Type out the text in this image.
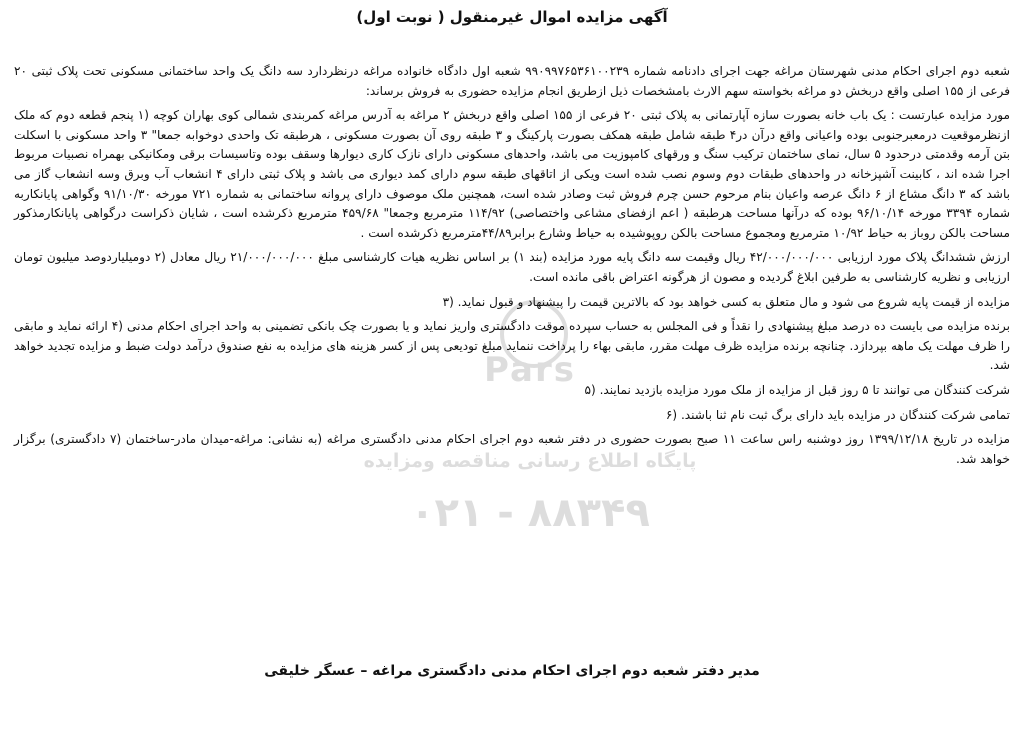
Pars
پایگاه اطلاع رسانی مناقصه ومزایده
۰۲۱ - ۸۸۳۴۹
آگهی مزایده اموال غیرمنقول ( نوبت اول)

شعبه دوم اجرای احکام مدنی شهرستان مراغه جهت اجرای دادنامه شماره ۹۹۰۹۹۷۶۵۳۶۱۰۰۲۳۹ شعبه اول دادگاه خانواده مراغه درنظردارد سه دانگ یک واحد ساختمانی مسکونی تحت پلاک ثبتی ۲۰ فرعی از ۱۵۵ اصلی واقع دربخش دو مراغه بخواسته سهم الارث بامشخصات ذیل ازطریق انجام مزایده حضوری به فروش برساند:

مورد مزایده عبارتست : یک باب خانه بصورت سازه آپارتمانی به پلاک ثبتی ۲۰ فرعی از ۱۵۵ اصلی واقع دربخش ۲ مراغه به آدرس مراغه کمربندی شمالی کوی بهاران کوچه (۱ پنجم قطعه دوم که ملک ازنظرموقعیت درمعبرجنوبی بوده واعیانی واقع درآن در۴ طبقه شامل طبقه همکف بصورت پارکینگ و ۳ طبقه روی آن بصورت مسکونی ، هرطبقه تک واحدی دوخوابه جمعا" ۳ واحد مسکونی با اسکلت بتن آرمه وقدمتی درحدود ۵ سال، نمای ساختمان ترکیب سنگ و ورقهای کامپوزیت می باشد، واحدهای مسکونی دارای نازک کاری دیوارها وسقف بوده وتاسیسات برقی ومکانیکی بهمراه نصبیات مربوط اجرا شده اند ، کابینت آشپزخانه در واحدهای طبقات دوم وسوم نصب شده است ویکی از اتاقهای طبقه سوم دارای کمد دیواری می باشد و پلاک ثبتی دارای ۴ انشعاب آب وبرق وسه انشعاب گاز می باشد که ۳ دانگ مشاع از ۶ دانگ عرصه واعیان بنام مرحوم حسن چرم فروش ثبت وصادر شده است، همچنین ملک موصوف دارای پروانه ساختمانی به شماره ۷۲۱ مورخه ۹۱/۱۰/۳۰ وگواهی پایانکاربه شماره ۳۳۹۴ مورخه ۹۶/۱۰/۱۴ بوده که درآنها مساحت هرطبقه ( اعم ازفضای مشاعی واختصاصی) ۱۱۴/۹۲ مترمربع وجمعا" ۴۵۹/۶۸ مترمربع ذکرشده است ، شایان ذکراست درگواهی پایانکارمذکور مساحت بالکن روباز به حیاط ۱۰/۹۲ مترمربع ومجموع مساحت بالکن روپوشیده به حیاط وشارع برابر۴۴/۸۹مترمربع ذکرشده است .

ارزش ششدانگ پلاک مورد ارزیابی ۴۲/۰۰۰/۰۰۰/۰۰۰ ریال وقیمت سه دانگ پایه مورد مزایده (بند ۱) بر اساس نظریه هیات کارشناسی مبلغ ۲۱/۰۰۰/۰۰۰/۰۰۰ ریال معادل (۲ دومیلیاردوصد میلیون تومان ارزیابی و نظریه کارشناسی به طرفین ابلاغ گردیده و مصون از هرگونه اعتراض باقی مانده است.

مزایده از قیمت پایه شروع می شود و مال متعلق به کسی خواهد بود که بالاترین قیمت را پیشنهاد و قبول نماید. (۳

برنده مزایده می بایست ده درصد مبلغ پیشنهادی را نقداً و فی المجلس به حساب سپرده موقت دادگستری واریز نماید و یا بصورت چک بانکی تضمینی به واحد اجرای احکام مدنی (۴ ارائه نماید و مابقی را ظرف مهلت یک ماهه بپردازد. چنانچه برنده مزایده ظرف مهلت مقرر، مابقی بهاء را پرداخت ننماید مبلغ تودیعی پس از کسر هزینه های مزایده به نفع صندوق درآمد دولت ضبط و مزایده تجدید خواهد شد.

شرکت کنندگان می توانند تا ۵ روز قبل از مزایده از ملک مورد مزایده بازدید نمایند. (۵

تمامی شرکت کنندگان در مزایده باید دارای برگ ثبت نام ثنا باشند. (۶

مزایده در تاریخ ۱۳۹۹/۱۲/۱۸ روز دوشنبه راس ساعت ۱۱ صبح بصورت حضوری در دفتر شعبه دوم اجرای احکام مدنی دادگستری مراغه (به نشانی: مراغه-میدان مادر-ساختمان (۷ دادگستری) برگزار خواهد شد.

مدیر دفتر شعبه دوم اجرای احکام مدنی دادگستری مراغه – عسگر خلیقی
